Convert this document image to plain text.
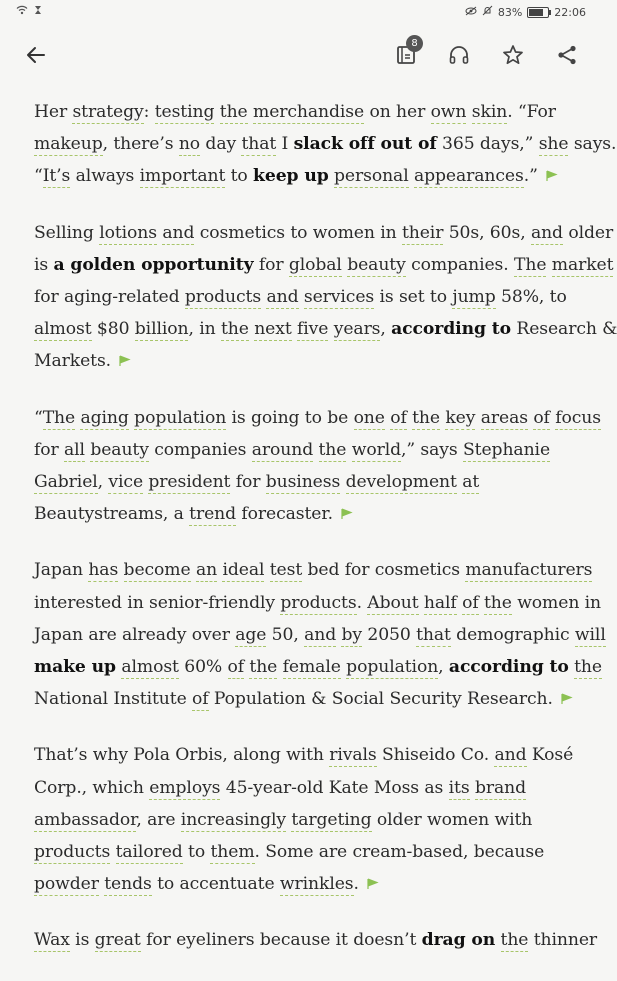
83%	22:06
8

Her strategy: testing the merchandise on her own skin. “For
makeup, there’s no day that I slack off out of 365 days,” she says.
“It’s always important to keep up personal appearances.”

Selling lotions and cosmetics to women in their 50s, 60s, and older
is a golden opportunity for global beauty companies. The market
for aging-related products and services is set to jump 58%, to
almost $80 billion, in the next five years, according to Research &
Markets.

“The aging population is going to be one of the key areas of focus
for all beauty companies around the world,” says Stephanie
Gabriel, vice president for business development at
Beautystreams, a trend forecaster.

Japan has become an ideal test bed for cosmetics manufacturers
interested in senior-friendly products. About half of the women in
Japan are already over age 50, and by 2050 that demographic will
make up almost 60% of the female population, according to the
National Institute of Population & Social Security Research.

That’s why Pola Orbis, along with rivals Shiseido Co. and Kosé
Corp., which employs 45-year-old Kate Moss as its brand
ambassador, are increasingly targeting older women with
products tailored to them. Some are cream-based, because
powder tends to accentuate wrinkles.

Wax is great for eyeliners because it doesn’t drag on the thinner
